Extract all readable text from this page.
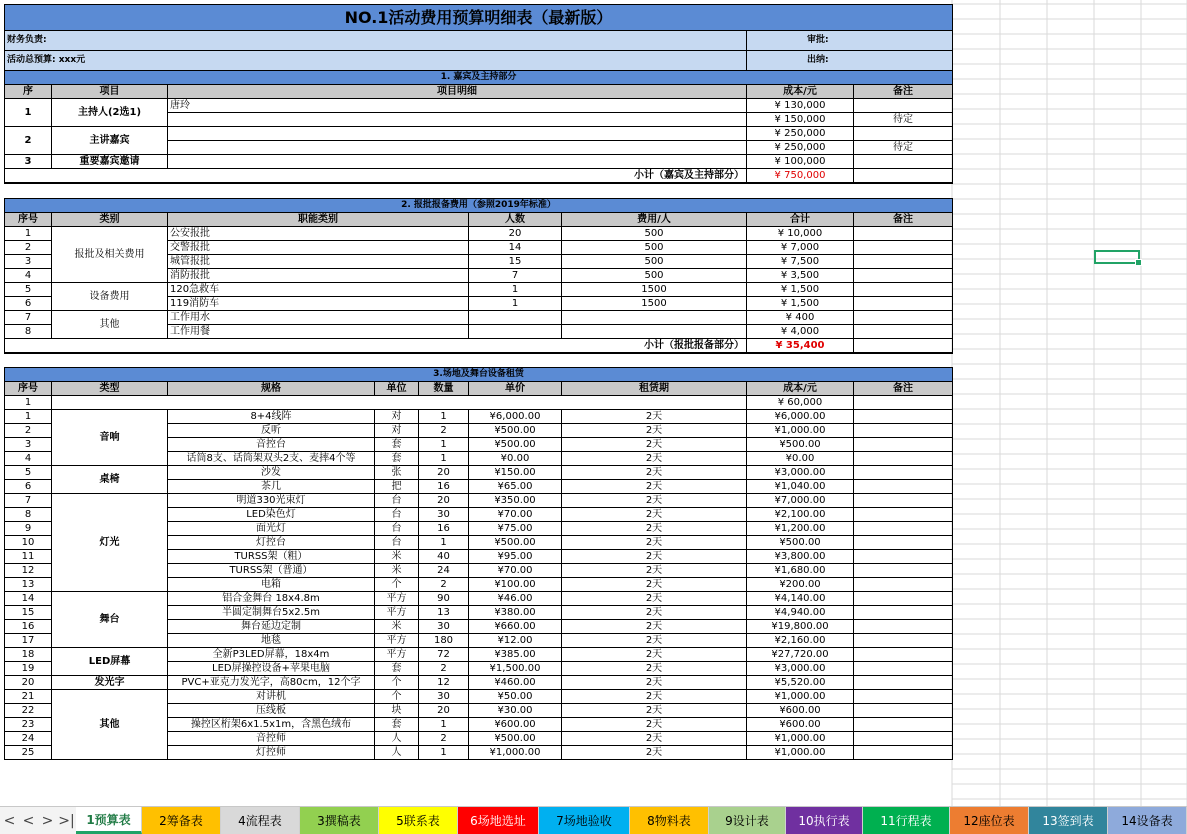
NO.1活动费用预算明细表（最新版）								
财务负责:							审批:	
活动总预算: xxx元							出纳:	
1. 嘉宾及主持部分								
序	项目	项目明细					成本/元	备注
1	主持人(2选1)	唐玲					¥ 130,000	
							¥ 150,000	待定
2	主讲嘉宾						¥ 250,000	
							¥ 250,000	待定
3	重要嘉宾邀请						¥ 100,000	
小计（嘉宾及主持部分）							¥ 750,000	

2. 报批报备费用（参照2019年标准）								
序号	类别	职能类别			人数	费用/人	合计	备注
1	报批及相关费用	公安报批			20	500	¥ 10,000	
2		交警报批			14	500	¥ 7,000	
3		城管报批			15	500	¥ 7,500	
4		消防报批			7	500	¥ 3,500	
5	设备费用	120急救车			1	1500	¥ 1,500	
6		119消防车			1	1500	¥ 1,500	
7	其他	工作用水					¥ 400	
8		工作用餐					¥ 4,000	
小计（报批报备部分）							¥ 35,400	

3.场地及舞台设备租赁								
序号	类型	规格	单位	数量	单价	租赁期	成本/元	备注
1							¥ 60,000	
1	音响	8+4线阵	对	1	¥6,000.00	2天	¥6,000.00	
2		反听	对	2	¥500.00	2天	¥1,000.00	
3		音控台	套	1	¥500.00	2天	¥500.00	
4		话筒8支、话筒架双头2支、麦摔4个等	套	1	¥0.00	2天	¥0.00	
5	桌椅	沙发	张	20	¥150.00	2天	¥3,000.00	
6		茶几	把	16	¥65.00	2天	¥1,040.00	
7	灯光	明道330光束灯	台	20	¥350.00	2天	¥7,000.00	
8		LED染色灯	台	30	¥70.00	2天	¥2,100.00	
9		面光灯	台	16	¥75.00	2天	¥1,200.00	
10		灯控台	台	1	¥500.00	2天	¥500.00	
11		TURSS架（粗）	米	40	¥95.00	2天	¥3,800.00	
12		TURSS架（普通）	米	24	¥70.00	2天	¥1,680.00	
13		电箱	个	2	¥100.00	2天	¥200.00	
14	舞台	铝合金舞台 18x4.8m	平方	90	¥46.00	2天	¥4,140.00	
15		半圆定制舞台5x2.5m	平方	13	¥380.00	2天	¥4,940.00	
16		舞台延边定制	米	30	¥660.00	2天	¥19,800.00	
17		地毯	平方	180	¥12.00	2天	¥2,160.00	
18	LED屏幕	全新P3LED屏幕，18x4m	平方	72	¥385.00	2天	¥27,720.00	
19		LED屏操控设备+苹果电脑	套	2	¥1,500.00	2天	¥3,000.00	
20	发光字	PVC+亚克力发光字，高80cm，12个字	个	12	¥460.00	2天	¥5,520.00	
21	其他	对讲机	个	30	¥50.00	2天	¥1,000.00	
22		压线板	块	20	¥30.00	2天	¥600.00	
23		操控区桁架6x1.5x1m，含黑色绒布	套	1	¥600.00	2天	¥600.00	
24		音控师	人	2	¥500.00	2天	¥1,000.00	
25		灯控师	人	1	¥1,000.00	2天	¥1,000.00	
< < > >| 1预算表	2筹备表	4流程表	3撰稿表	5联系表	6场地选址	7场地验收	8物料表	9设计表	10执行表	11行程表	12座位表	13签到表	14设备表
